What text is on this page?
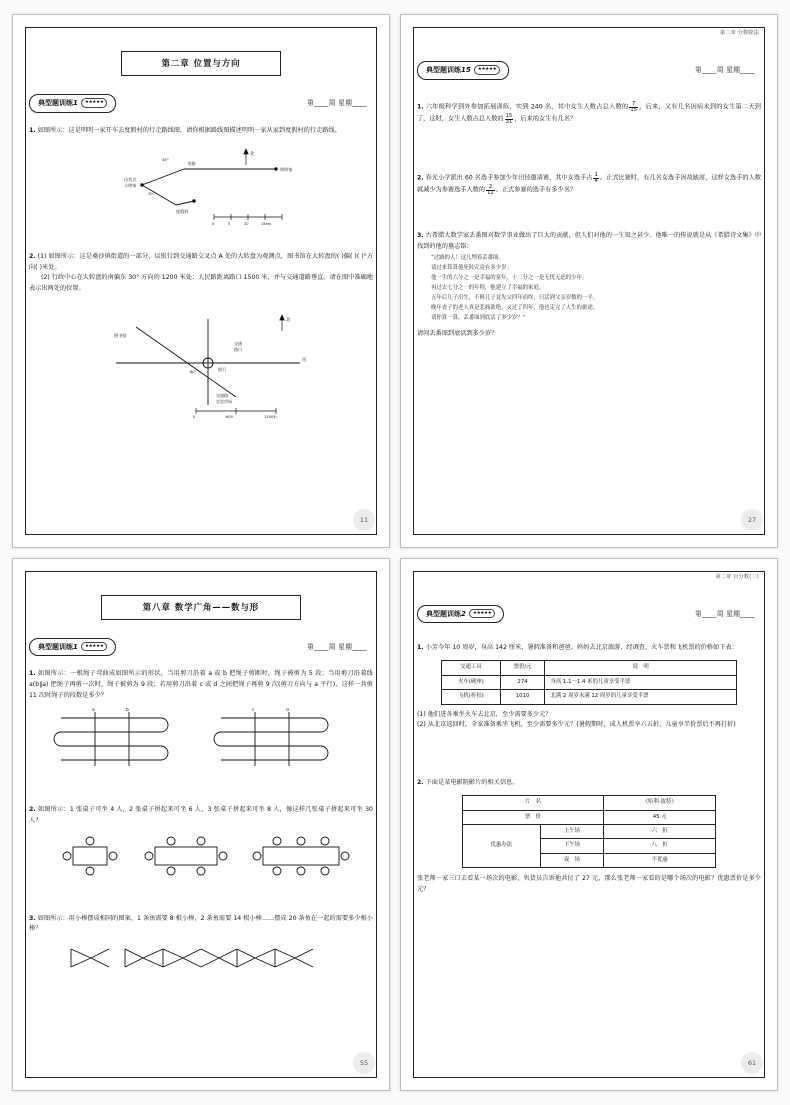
第二章 位置与方向
典型题训练1 ★★★★★	第____周 星期____

1. 如图所示：这是明明一家开车去度假村的行走路线图，请你根据路线图描述明明一家从家到度假村的行走路线。

北
出发点
小明家
明明家
度假村
45°
欧路
30°
0	5	10	15km

2. (1) 如图所示：这是桑沙镇街道的一部分，以银行到交通路交叉点 A 处的大转盘为观测点，图书馆在大转盘的( )偏( )( )°方向( )米处。

(2) 行政中心在大转盘的南偏东 30° 方向的 1200 米处；人民路距离路口 1500 米，并与交通道路垂直。请在图中准确地表示出两处的位置。

北
图书馆
西
银行
60°
交通
路口
交通路
农贸市场
0	600	1200米
11
第二章 分数除法
典型题训练15 ★★★★★	第____周 星期____

1. 六年级科学到外参加拓展训练，实到 240 名，其中女生人数占总人数的 $\frac{7}{15}$ ，后来，又有几名因病未到的女生第二天到了，这时，女生人数占总人数的 $\frac{15}{31}$ ，后来的女生有几名？

2. 春光小学派出 60 名选手参加少年田径邀请赛，其中女选手占 $\frac{1}{4}$ 。正式比赛时，有几名女选手因故缺席，这样女选手的人数就减少为参赛选手人数的 $\frac{2}{11}$ 。正式参赛的选手有多少名？

3. 古希腊大数学家丢番图对数学事业做出了巨大的贡献，但人们对他的一生知之甚少。他唯一的传说就是从《希腊诗文集》中找到的他的墓志铭：

“过路的人！这儿埋着丢番图。
请过来算算他死时究竟有多少岁。
他一生的六分之一是幸福的童年，十二分之一是无忧无虑的少年。
再过去七分之一的年程，他建立了幸福的家庭。
五年后儿子出生，不料儿子竟先父四年而终，只活到父亲岁数的一半。
晚年丧子的老人真是悲痛欲绝，又过了四年，他也走完了人生的旅途。
请你算一算，丢番图到底活了多少岁？”

请问丢番图到底活到多少岁？

27
第八章 数学广角——数与形
典型题训练1 ★★★★★	第____周 星期____

1. 如图所示：一根绳子弯曲成如图所示的形状，当用剪刀沿着 a 或 b 把绳子剪断时，绳子被剪为 5 段；当用剪刀沿着线 a(b∥a) 把绳子再剪一次时，绳子被剪为 9 段；若用剪刀沿着 c 或 d 之间把绳子再剪 9 次(剪刀方向与 a 平行)，这样一共剪 11 次时绳子的段数是多少？

a	b	c	d

2. 如图所示：1 张桌子可坐 4 人，2 张桌子拼起来可坐 6 人，3 张桌子拼起来可坐 8 人，像这样几张桌子拼起来可坐 30 人？

3. 如图所示：用小棒摆成相同的图案，1 条鱼需要 8 根小棒，2 条鱼需要 14 根小棒……摆成 20 条鱼在一起的需要多少根小棒？

55
第二章 百分数(二)
典型题训练2 ★★★★★	第____周 星期____

1. 小芳今年 10 周岁，身高 142 厘米，暑假准备和爸爸、妈妈去北京旅游，经调查，火车票和飞机票的价格如下表：

交通工具	票价/元	说　明
火车(硬座)	274	身高 1.1～1.4 米的儿童享受半票
飞机(折扣)	1010	北满 2 周岁未满 12 周岁的儿童享受半票

(1) 他们进各乘坐火车去北京，至少需要多少元？

(2) 从北京返回时，全家准备乘坐飞机，至少需要多少元？(暑假期时，成人机票享六五折，儿童享半价票后不再打折)

2. 下面是某电影院影片的相关信息。

片　名		《哈利·波特》
票　价		45 元
优惠办法	上午场	六　折
	下午场	八　折
	夜　场	不优惠

张老师一家三口去看某一场次的电影，售货员告诉他共付了 27 元，那么张老师一家看的是哪个场次的电影？优惠票价是多少元？

61
